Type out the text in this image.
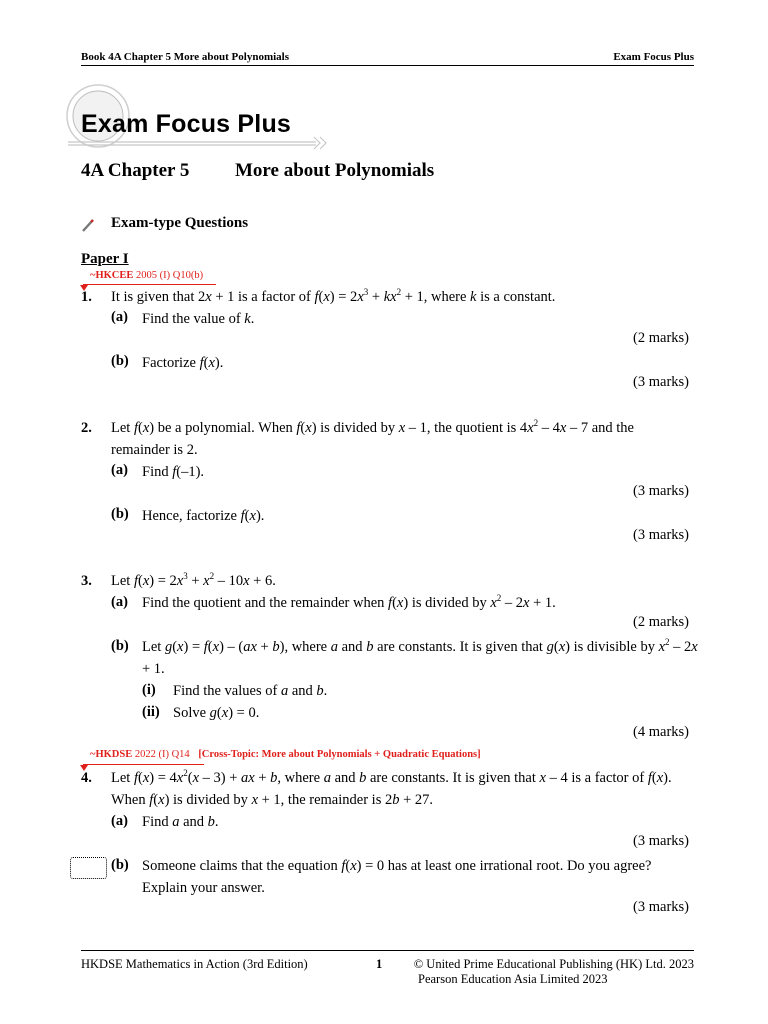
Book 4A Chapter 5 More about Polynomials	Exam Focus Plus
Exam Focus Plus
4A Chapter 5 More about Polynomials
Exam-type Questions
Paper I
~HKCEE 2005 (I) Q10(b)
1. It is given that 2x + 1 is a factor of $f(x) = 2x^3 + kx^2 + 1$, where k is a constant.
(a) Find the value of k.
(2 marks)
(b) Factorize f(x).
(3 marks)
2. Let f(x) be a polynomial. When f(x) is divided by x – 1, the quotient is $4x^2 - 4x - 7$ and the remainder is 2.
(a) Find f(–1).
(3 marks)
(b) Hence, factorize f(x).
(3 marks)
3. Let $f(x) = 2x^3 + x^2 - 10x + 6$.
(a) Find the quotient and the remainder when f(x) is divided by $x^2 - 2x + 1$.
(2 marks)
(b) Let g(x) = f(x) – (ax + b), where a and b are constants. It is given that g(x) is divisible by $x^2 - 2x + 1$.
(i) Find the values of a and b.
(ii) Solve g(x) = 0.
(4 marks)
~HKDSE 2022 (I) Q14 [Cross-Topic: More about Polynomials + Quadratic Equations]
4. Let $f(x) = 4x^2(x - 3)$ + ax + b, where a and b are constants. It is given that x – 4 is a factor of f(x). When f(x) is divided by x + 1, the remainder is 2b + 27.
(a) Find a and b.
(3 marks)
(b) Someone claims that the equation f(x) = 0 has at least one irrational root. Do you agree? Explain your answer.
(3 marks)
HKDSE Mathematics in Action (3rd Edition)	1	© United Prime Educational Publishing (HK) Ltd. 2023
Pearson Education Asia Limited 2023
